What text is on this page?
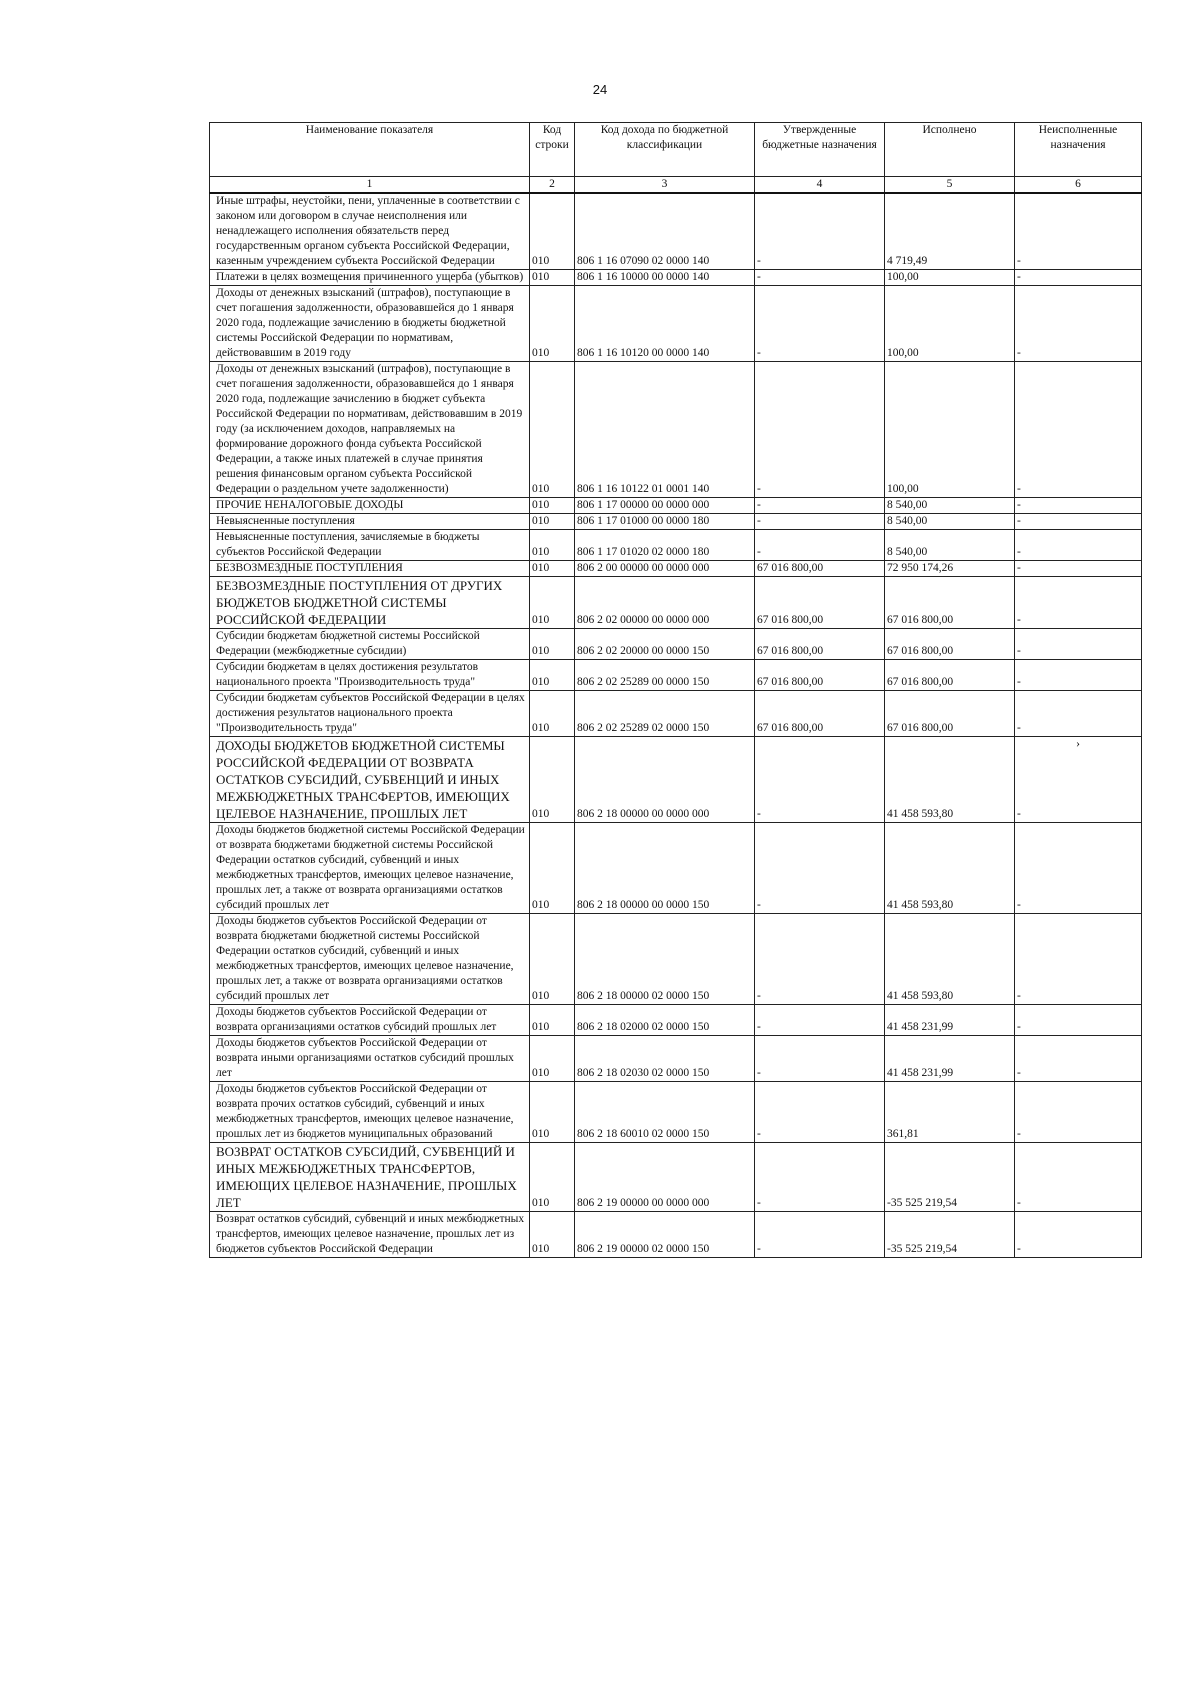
24
Наименование показателя	Код строки	Код дохода по бюджетной классификации	Утвержденные бюджетные назначения	Исполнено	Неисполненные назначения
1	2	3	4	5	6
Иные штрафы, неустойки, пени, уплаченные в соответствии с законом или договором в случае неисполнения или ненадлежащего исполнения обязательств перед государственным органом субъекта Российской Федерации, казенным учреждением субъекта Российской Федерации	010	806 1 16 07090 02 0000 140	-	4 719,49	-
Платежи в целях возмещения причиненного ущерба (убытков)	010	806 1 16 10000 00 0000 140	-	100,00	-
Доходы от денежных взысканий (штрафов), поступающие в счет погашения задолженности, образовавшейся до 1 января 2020 года, подлежащие зачислению в бюджеты бюджетной системы Российской Федерации по нормативам, действовавшим в 2019 году	010	806 1 16 10120 00 0000 140	-	100,00	-
Доходы от денежных взысканий (штрафов), поступающие в счет погашения задолженности, образовавшейся до 1 января 2020 года, подлежащие зачислению в бюджет субъекта Российской Федерации по нормативам, действовавшим в 2019 году (за исключением доходов, направляемых на формирование дорожного фонда субъекта Российской Федерации, а также иных платежей в случае принятия решения финансовым органом субъекта Российской Федерации о раздельном учете задолженности)	010	806 1 16 10122 01 0001 140	-	100,00	-
ПРОЧИЕ НЕНАЛОГОВЫЕ ДОХОДЫ	010	806 1 17 00000 00 0000 000	-	8 540,00	-
Невыясненные поступления	010	806 1 17 01000 00 0000 180	-	8 540,00	-
Невыясненные поступления, зачисляемые в бюджеты субъектов Российской Федерации	010	806 1 17 01020 02 0000 180	-	8 540,00	-
БЕЗВОЗМЕЗДНЫЕ ПОСТУПЛЕНИЯ	010	806 2 00 00000 00 0000 000	67 016 800,00	72 950 174,26	-
БЕЗВОЗМЕЗДНЫЕ ПОСТУПЛЕНИЯ ОТ ДРУГИХ БЮДЖЕТОВ БЮДЖЕТНОЙ СИСТЕМЫ РОССИЙСКОЙ ФЕДЕРАЦИИ	010	806 2 02 00000 00 0000 000	67 016 800,00	67 016 800,00	-
Субсидии бюджетам бюджетной системы Российской Федерации (межбюджетные субсидии)	010	806 2 02 20000 00 0000 150	67 016 800,00	67 016 800,00	-
Субсидии бюджетам в целях достижения результатов национального проекта "Производительность труда"	010	806 2 02 25289 00 0000 150	67 016 800,00	67 016 800,00	-
Субсидии бюджетам субъектов Российской Федерации в целях достижения результатов национального проекта "Производительность труда"	010	806 2 02 25289 02 0000 150	67 016 800,00	67 016 800,00	-
ДОХОДЫ БЮДЖЕТОВ БЮДЖЕТНОЙ СИСТЕМЫ РОССИЙСКОЙ ФЕДЕРАЦИИ ОТ ВОЗВРАТА ОСТАТКОВ СУБСИДИЙ, СУБВЕНЦИЙ И ИНЫХ МЕЖБЮДЖЕТНЫХ ТРАНСФЕРТОВ, ИМЕЮЩИХ ЦЕЛЕВОЕ НАЗНАЧЕНИЕ, ПРОШЛЫХ ЛЕТ	010	806 2 18 00000 00 0000 000	-	41 458 593,80	-
Доходы бюджетов бюджетной системы Российской Федерации от возврата бюджетами бюджетной системы Российской Федерации остатков субсидий, субвенций и иных межбюджетных трансфертов, имеющих целевое назначение, прошлых лет, а также от возврата организациями остатков субсидий прошлых лет	010	806 2 18 00000 00 0000 150	-	41 458 593,80	-
Доходы бюджетов субъектов Российской Федерации от возврата бюджетами бюджетной системы Российской Федерации остатков субсидий, субвенций и иных межбюджетных трансфертов, имеющих целевое назначение, прошлых лет, а также от возврата организациями остатков субсидий прошлых лет	010	806 2 18 00000 02 0000 150	-	41 458 593,80	-
Доходы бюджетов субъектов Российской Федерации от возврата организациями остатков субсидий прошлых лет	010	806 2 18 02000 02 0000 150	-	41 458 231,99	-
Доходы бюджетов субъектов Российской Федерации от возврата иными организациями остатков субсидий прошлых лет	010	806 2 18 02030 02 0000 150	-	41 458 231,99	-
Доходы бюджетов субъектов Российской Федерации от возврата прочих остатков субсидий, субвенций и иных межбюджетных трансфертов, имеющих целевое назначение, прошлых лет из бюджетов муниципальных образований	010	806 2 18 60010 02 0000 150	-	361,81	-
ВОЗВРАТ ОСТАТКОВ СУБСИДИЙ, СУБВЕНЦИЙ И ИНЫХ МЕЖБЮДЖЕТНЫХ ТРАНСФЕРТОВ, ИМЕЮЩИХ ЦЕЛЕВОЕ НАЗНАЧЕНИЕ, ПРОШЛЫХ ЛЕТ	010	806 2 19 00000 00 0000 000	-	-35 525 219,54	-
Возврат остатков субсидий, субвенций и иных межбюджетных трансфертов, имеющих целевое назначение, прошлых лет из бюджетов субъектов Российской Федерации	010	806 2 19 00000 02 0000 150	-	-35 525 219,54	-
›
